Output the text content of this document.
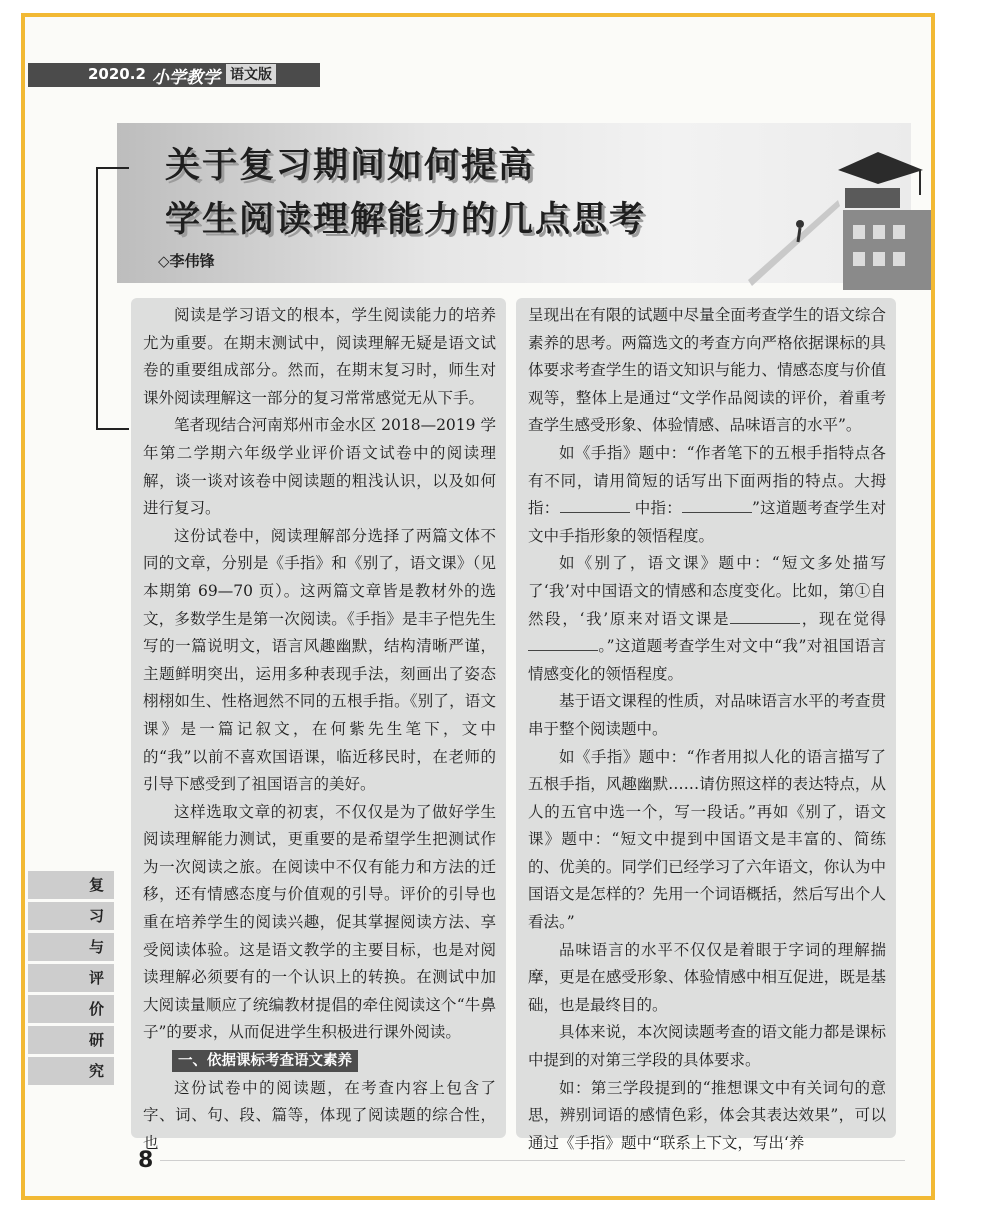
2020.2 小学教学 语文版
关于复习期间如何提高
学生阅读理解能力的几点思考
◇李伟锋

阅读是学习语文的根本，学生阅读能力的培养尤为重要。在期末测试中，阅读理解无疑是语文试卷的重要组成部分。然而，在期末复习时，师生对课外阅读理解这一部分的复习常常感觉无从下手。

笔者现结合河南郑州市金水区 2018—2019 学年第二学期六年级学业评价语文试卷中的阅读理解，谈一谈对该卷中阅读题的粗浅认识，以及如何进行复习。

这份试卷中，阅读理解部分选择了两篇文体不同的文章，分别是《手指》和《别了，语文课》（见本期第 69—70 页）。这两篇文章皆是教材外的选文，多数学生是第一次阅读。《手指》是丰子恺先生写的一篇说明文，语言风趣幽默，结构清晰严谨，主题鲜明突出，运用多种表现手法，刻画出了姿态栩栩如生、性格迥然不同的五根手指。《别了，语文课》是一篇记叙文，在何紫先生笔下，文中的“我”以前不喜欢国语课，临近移民时，在老师的引导下感受到了祖国语言的美好。

这样选取文章的初衷，不仅仅是为了做好学生阅读理解能力测试，更重要的是希望学生把测试作为一次阅读之旅。在阅读中不仅有能力和方法的迁移，还有情感态度与价值观的引导。评价的引导也重在培养学生的阅读兴趣，促其掌握阅读方法、享受阅读体验。这是语文教学的主要目标，也是对阅读理解必须要有的一个认识上的转换。在测试中加大阅读量顺应了统编教材提倡的牵住阅读这个“牛鼻子”的要求，从而促进学生积极进行课外阅读。

一、依据课标考查语文素养

这份试卷中的阅读题，在考查内容上包含了字、词、句、段、篇等，体现了阅读题的综合性，也

呈现出在有限的试题中尽量全面考查学生的语文综合素养的思考。两篇选文的考查方向严格依据课标的具体要求考查学生的语文知识与能力、情感态度与价值观等，整体上是通过“文学作品阅读的评价，着重考查学生感受形象、体验情感、品味语言的水平”。

如《手指》题中：“作者笔下的五根手指特点各有不同，请用简短的话写出下面两指的特点。大拇指：	中指：	”这道题考查学生对文中手指形象的领悟程度。

如《别了，语文课》题中：“短文多处描写了‘我’对中国语文的情感和态度变化。比如，第①自然段，‘我’原来对语文课是	，现在觉得。”这道题考查学生对文中“我”对祖国语言情感变化的领悟程度。

基于语文课程的性质，对品味语言水平的考查贯串于整个阅读题中。

如《手指》题中：“作者用拟人化的语言描写了五根手指，风趣幽默……请仿照这样的表达特点，从人的五官中选一个，写一段话。”再如《别了，语文课》题中：“短文中提到中国语文是丰富的、简练的、优美的。同学们已经学习了六年语文，你认为中国语文是怎样的？先用一个词语概括，然后写出个人看法。”

品味语言的水平不仅仅是着眼于字词的理解揣摩，更是在感受形象、体验情感中相互促进，既是基础，也是最终目的。

具体来说，本次阅读题考查的语文能力都是课标中提到的对第三学段的具体要求。

如：第三学段提到的“推想课文中有关词句的意思，辨别词语的感情色彩，体会其表达效果”，可以通过《手指》题中“联系上下文，写出‘养

复
习
与
评
价
研
究
8
